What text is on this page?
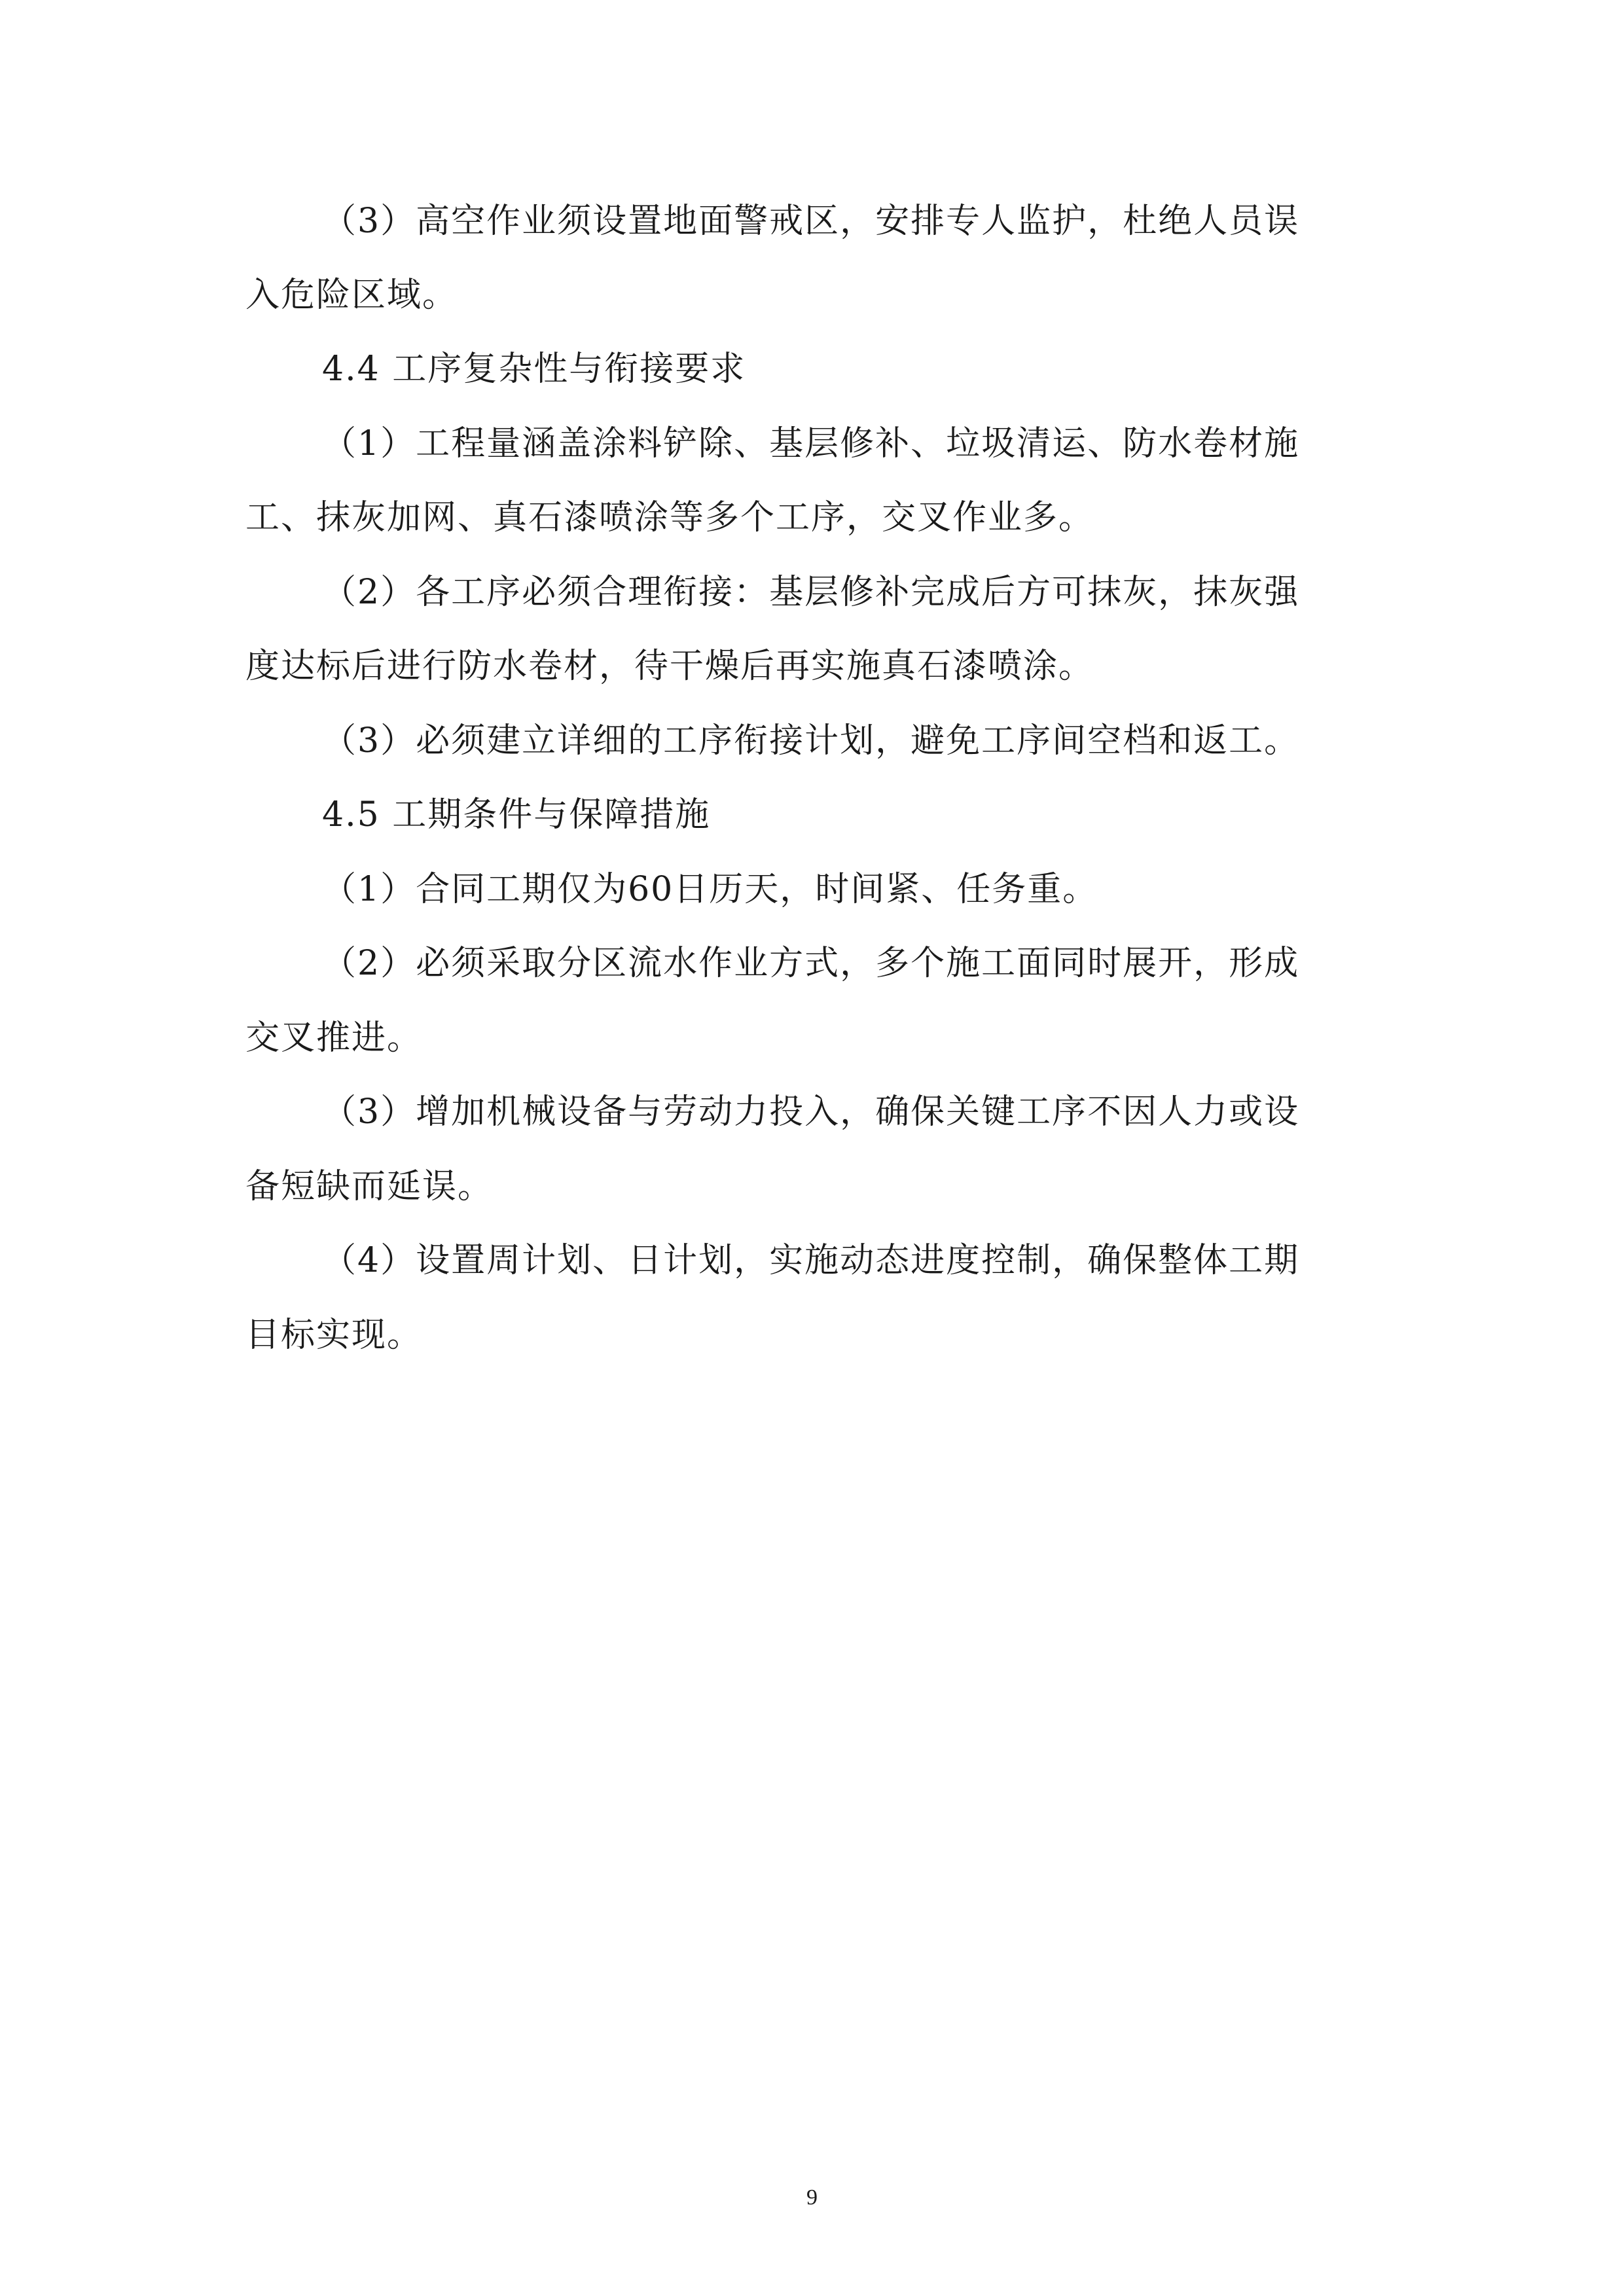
（3）高空作业须设置地面警戒区，安排专人监护，杜绝人员误

入危险区域。

4.4 工序复杂性与衔接要求

（1）工程量涵盖涂料铲除、基层修补、垃圾清运、防水卷材施

工、抹灰加网、真石漆喷涂等多个工序，交叉作业多。

（2）各工序必须合理衔接：基层修补完成后方可抹灰，抹灰强

度达标后进行防水卷材，待干燥后再实施真石漆喷涂。

（3）必须建立详细的工序衔接计划，避免工序间空档和返工。

4.5 工期条件与保障措施

（1）合同工期仅为60日历天，时间紧、任务重。

（2）必须采取分区流水作业方式，多个施工面同时展开，形成

交叉推进。

（3）增加机械设备与劳动力投入，确保关键工序不因人力或设

备短缺而延误。

（4）设置周计划、日计划，实施动态进度控制，确保整体工期

目标实现。

9
